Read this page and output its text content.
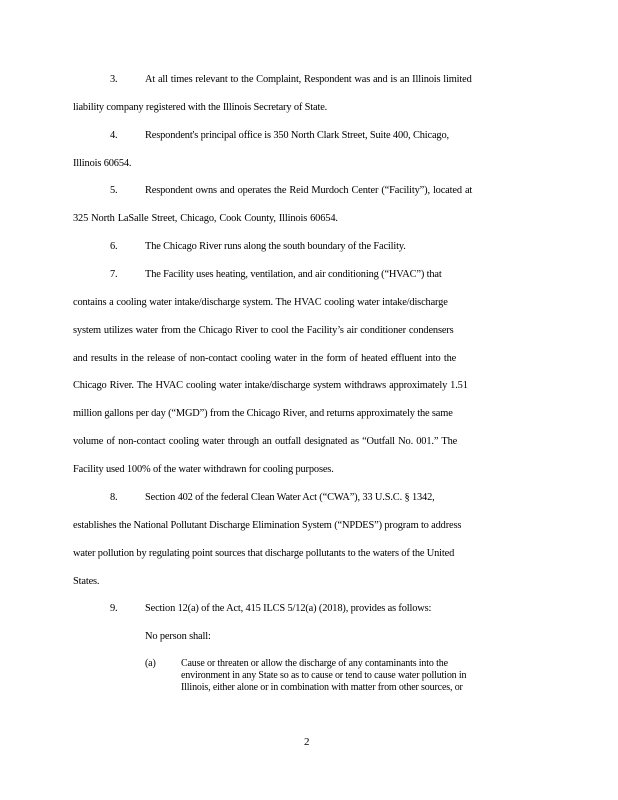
3.	At all times relevant to the Complaint, Respondent was and is an Illinois limited
liability company registered with the Illinois Secretary of State.
4.	Respondent's principal office is 350 North Clark Street, Suite 400, Chicago,
Illinois 60654.
5.	Respondent owns and operates the Reid Murdoch Center (“Facility”), located at
325 North LaSalle Street, Chicago, Cook County, Illinois 60654.
6.	The Chicago River runs along the south boundary of the Facility.
7.	The Facility uses heating, ventilation, and air conditioning (“HVAC”) that
contains a cooling water intake/discharge system. The HVAC cooling water intake/discharge
system utilizes water from the Chicago River to cool the Facility’s air conditioner condensers
and results in the release of non-contact cooling water in the form of heated effluent into the
Chicago River. The HVAC cooling water intake/discharge system withdraws approximately 1.51
million gallons per day (“MGD”) from the Chicago River, and returns approximately the same
volume of non-contact cooling water through an outfall designated as “Outfall No. 001.” The
Facility used 100% of the water withdrawn for cooling purposes.
8.	Section 402 of the federal Clean Water Act (“CWA”), 33 U.S.C. § 1342,
establishes the National Pollutant Discharge Elimination System (“NPDES”) program to address
water pollution by regulating point sources that discharge pollutants to the waters of the United
States.
9.	Section 12(a) of the Act, 415 ILCS 5/12(a) (2018), provides as follows:
No person shall:
(a)	Cause or threaten or allow the discharge of any contaminants into the
environment in any State so as to cause or tend to cause water pollution in
Illinois, either alone or in combination with matter from other sources, or
2
